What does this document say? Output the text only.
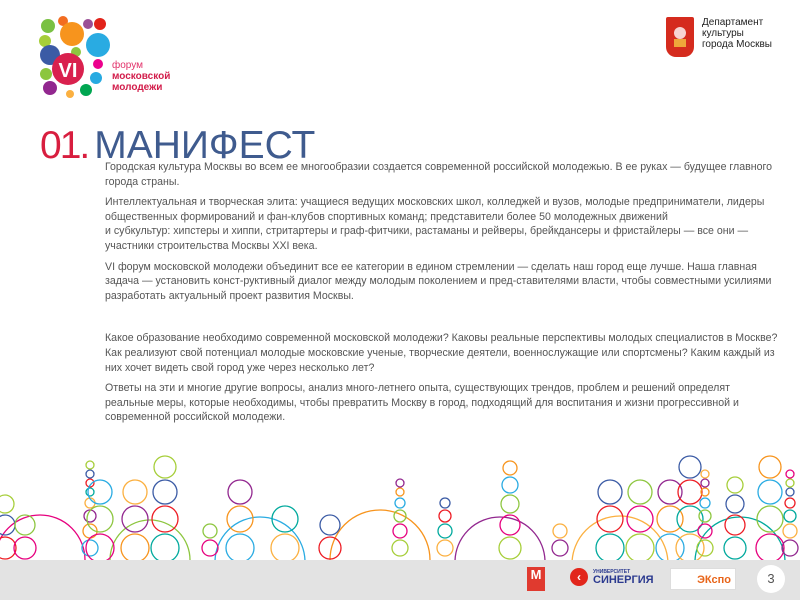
VI	форум
московской
молодежи
Департамент
культуры
города Москвы
01. МАНИФЕСТ

Городская культура Москвы во всем ее многообразии создается современной российской молодежью. В ее руках — будущее главного города страны.

Интеллектуальная и творческая элита: учащиеся ведущих московских школ, колледжей и вузов, молодые предприниматели, лидеры общественных формирований и фан-клубов спортивных команд; представители более 50 молодежных движений

и субкультур: хипстеры и хиппи, стритартеры и граф-фитчики, растаманы и рейверы, брейкдансеры и фристайлеры — все они — участники строительства Москвы XXI века.

VI форум московской молодежи объединит все ее категории в едином стремлении — сделать наш город еще лучше. Наша главная задача — установить конст-руктивный диалог между молодым поколением и пред-ставителями власти, чтобы совместными усилиями разработать актуальный проект развития Москвы.

Какое образование необходимо современной московской молодежи? Каковы реальные перспективы молодых специалистов в Москве? Как реализуют свой потенциал молодые московские ученые, творческие деятели, военнослужащие или спортсмены? Каким каждый из них хочет видеть свой город уже через несколько лет?

Ответы на эти и многие другие вопросы, анализ много-летнего опыта, существующих трендов, проблем и решений определят реальные меры, которые необходимы, чтобы превратить Москву в город, подходящий для воспитания и жизни прогрессивной и современной российской молодежи.

М	‹	УНИВЕРСИТЕТ
СИНЕРГИЯ	ЭКспо	3
